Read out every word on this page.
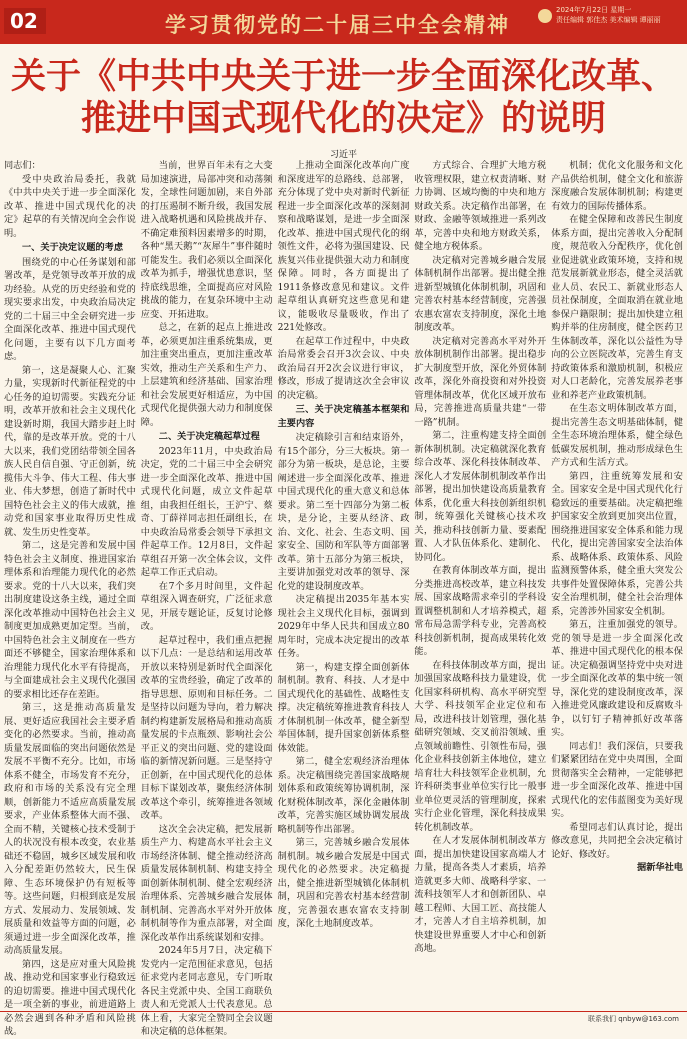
02	学习贯彻党的二十届三中全会精神
2024年7月22日 星期一
责任编辑 郭佳杰 美术编辑 谭丽丽
关于《中共中央关于进一步全面深化改革、
推进中国式现代化的决定》的说明
习近平

同志们：

受中央政治局委托，我就《中共中央关于进一步全面深化改革、推进中国式现代化的决定》起草的有关情况向全会作说明。

一、关于决定议题的考虑

围绕党的中心任务谋划和部署改革，是党领导改革开放的成功经验。从党的历史经验和党的现实要求出发，中央政治局决定党的二十届三中全会研究进一步全面深化改革、推进中国式现代化问题，主要有以下几方面考虑。

第一，这是凝聚人心、汇聚力量，实现新时代新征程党的中心任务的迫切需要。实践充分证明，改革开放和社会主义现代化建设新时期，我国大踏步赶上时代，靠的是改革开放。党的十八大以来，我们党团结带领全国各族人民自信自强、守正创新，统揽伟大斗争、伟大工程、伟大事业、伟大梦想，创造了新时代中国特色社会主义的伟大成就，推动党和国家事业取得历史性成就、发生历史性变革。

第二，这是完善和发展中国特色社会主义制度、推进国家治理体系和治理能力现代化的必然要求。党的十八大以来，我们突出制度建设这条主线，通过全面深化改革推动中国特色社会主义制度更加成熟更加定型。当前，中国特色社会主义制度在一些方面还不够健全，国家治理体系和治理能力现代化水平有待提高，与全面建成社会主义现代化强国的要求相比还存在差距。

第三，这是推动高质量发展、更好适应我国社会主要矛盾变化的必然要求。当前，推动高质量发展面临的突出问题依然是发展不平衡不充分。比如，市场体系不健全，市场发育不充分，政府和市场的关系没有完全理顺，创新能力不适应高质量发展要求，产业体系整体大而不强、全而不精，关键核心技术受制于人的状况没有根本改变，农业基础还不稳固，城乡区域发展和收入分配差距仍然较大，民生保障、生态环境保护仍有短板等等。这些问题，归根到底是发展方式、发展动力、发展领域、发展质量和效益等方面的问题，必须通过进一步全面深化改革，推动高质量发展。

第四，这是应对重大风险挑战、推动党和国家事业行稳致远的迫切需要。推进中国式现代化是一项全新的事业，前进道路上必然会遇到各种矛盾和风险挑战。

当前，世界百年未有之大变局加速演进，局部冲突和动荡频发，全球性问题加剧，来自外部的打压遏制不断升级，我国发展进入战略机遇和风险挑战并存、不确定难预料因素增多的时期，各种“黑天鹅”“灰犀牛”事件随时可能发生。我们必须以全面深化改革为抓手，增强忧患意识，坚持底线思维，全面提高应对风险挑战的能力，在复杂环境中主动应变、开拓进取。

总之，在新的起点上推进改革，必须更加注重系统集成，更加注重突出重点，更加注重改革实效，推动生产关系和生产力、上层建筑和经济基础、国家治理和社会发展更好相适应，为中国式现代化提供强大动力和制度保障。

二、关于决定稿起草过程

2023年11月，中央政治局决定，党的二十届三中全会研究进一步全面深化改革、推进中国式现代化问题，成立文件起草组，由我担任组长，王沪宁、蔡奇、丁薛祥同志担任副组长，在中央政治局常委会领导下承担文件起草工作。12月8日，文件起草组召开第一次全体会议，文件起草工作正式启动。

在7个多月时间里，文件起草组深入调查研究，广泛征求意见，开展专题论证，反复讨论修改。

起草过程中，我们重点把握以下几点：一是总结和运用改革开放以来特别是新时代全面深化改革的宝贵经验，确定了改革的指导思想、原则和目标任务。二是坚持以问题为导向，着力解决制约构建新发展格局和推动高质量发展的卡点瓶颈、影响社会公平正义的突出问题、党的建设面临的新情况新问题。三是坚持守正创新，在中国式现代化的总体目标下谋划改革，聚焦经济体制改革这个牵引，统筹推进各领域改革。

这次全会决定稿，把发展新质生产力、构建高水平社会主义市场经济体制、健全推动经济高质量发展体制机制、构建支持全面创新体制机制、健全宏观经济治理体系、完善城乡融合发展体制机制、完善高水平对外开放体制机制等作为重点部署，对全面深化改革作出系统谋划和安排。

2024年5月7日，决定稿下发党内一定范围征求意见，包括征求党内老同志意见，专门听取各民主党派中央、全国工商联负责人和无党派人士代表意见。总体上看，大家完全赞同全会议题和决定稿的总体框架。

上推动全面深化改革向广度和深度进军的总路线、总部署，充分体现了党中央对新时代新征程进一步全面深化改革的深刻洞察和战略谋划，是进一步全面深化改革、推进中国式现代化的纲领性文件，必将为强国建设、民族复兴伟业提供强大动力和制度保障。同时，各方面提出了1911条修改意见和建议。文件起草组认真研究这些意见和建议，能吸收尽量吸收，作出了221处修改。

在起草工作过程中，中央政治局常委会召开3次会议、中央政治局召开2次会议进行审议，修改，形成了提请这次全会审议的决定稿。

三、关于决定稿基本框架和主要内容

决定稿除引言和结束语外，有15个部分，分三大板块。第一部分为第一板块，是总论，主要阐述进一步全面深化改革、推进中国式现代化的重大意义和总体要求。第二至十四部分为第二板块，是分论，主要从经济、政治、文化、社会、生态文明、国家安全、国防和军队等方面部署改革。第十五部分为第三板块，主要讲加强党对改革的领导、深化党的建设制度改革。

决定稿提出2035年基本实现社会主义现代化目标，强调到2029年中华人民共和国成立80周年时，完成本决定提出的改革任务。

第一，构建支撑全面创新体制机制。教育、科技、人才是中国式现代化的基础性、战略性支撑。决定稿统筹推进教育科技人才体制机制一体改革，健全新型举国体制，提升国家创新体系整体效能。

第二，健全宏观经济治理体系。决定稿围绕完善国家战略规划体系和政策统筹协调机制，深化财税体制改革，深化金融体制改革，完善实施区域协调发展战略机制等作出部署。

第三，完善城乡融合发展体制机制。城乡融合发展是中国式现代化的必然要求。决定稿提出，健全推进新型城镇化体制机制，巩固和完善农村基本经营制度，完善强农惠农富农支持制度，深化土地制度改革。

方式综合、合理扩大地方税收管理权限，建立权责清晰、财力协调、区域均衡的中央和地方财政关系。决定稿作出部署，在财政、金融等领域推进一系列改革，完善中央和地方财政关系，健全地方税体系。

决定稿对完善城乡融合发展体制机制作出部署。提出健全推进新型城镇化体制机制，巩固和完善农村基本经营制度，完善强农惠农富农支持制度，深化土地制度改革。

决定稿对完善高水平对外开放体制机制作出部署。提出稳步扩大制度型开放，深化外贸体制改革，深化外商投资和对外投资管理体制改革，优化区域开放布局，完善推进高质量共建“一带一路”机制。

第二，注重构建支持全面创新体制机制。决定稿就深化教育综合改革、深化科技体制改革、深化人才发展体制机制改革作出部署，提出加快建设高质量教育体系，优化重大科技创新组织机制，统筹强化关键核心技术攻关，推动科技创新力量、要素配置、人才队伍体系化、建制化、协同化。

在教育体制改革方面，提出分类推进高校改革，建立科技发展、国家战略需求牵引的学科设置调整机制和人才培养模式，超常布局急需学科专业，完善高校科技创新机制，提高成果转化效能。

在科技体制改革方面，提出加强国家战略科技力量建设，优化国家科研机构、高水平研究型大学、科技领军企业定位和布局，改进科技计划管理，强化基础研究领域、交叉前沿领域、重点领域前瞻性、引领性布局，强化企业科技创新主体地位，建立培育壮大科技领军企业机制，允许科研类事业单位实行比一般事业单位更灵活的管理制度，探索实行企业化管理，深化科技成果转化机制改革。

在人才发展体制机制改革方面，提出加快建设国家高端人才力量，提高各类人才素质，培养造就更多大师、战略科学家、一流科技领军人才和创新团队、卓越工程师、大国工匠、高技能人才，完善人才自主培养机制，加快建设世界重要人才中心和创新高地。

机制；优化文化服务和文化产品供给机制，健全文化和旅游深度融合发展体制机制；构建更有效力的国际传播体系。

在健全保障和改善民生制度体系方面，提出完善收入分配制度，规范收入分配秩序，优化创业促进就业政策环境，支持和规范发展新就业形态，健全灵活就业人员、农民工、新就业形态人员社保制度，全面取消在就业地参保户籍限制；提出加快建立租购并举的住房制度，健全医药卫生体制改革，深化以公益性为导向的公立医院改革，完善生育支持政策体系和激励机制，积极应对人口老龄化，完善发展养老事业和养老产业政策机制。

在生态文明体制改革方面，提出完善生态文明基础体制，健全生态环境治理体系，健全绿色低碳发展机制，推动形成绿色生产方式和生活方式。

第四，注重统筹发展和安全。国家安全是中国式现代化行稳致远的重要基础。决定稿把维护国家安全放到更加突出位置，围绕推进国家安全体系和能力现代化，提出完善国家安全法治体系、战略体系、政策体系、风险监测预警体系，健全重大突发公共事件处置保障体系，完善公共安全治理机制，健全社会治理体系，完善涉外国家安全机制。

第五，注重加强党的领导。党的领导是进一步全面深化改革、推进中国式现代化的根本保证。决定稿强调坚持党中央对进一步全面深化改革的集中统一领导，深化党的建设制度改革，深入推进党风廉政建设和反腐败斗争，以钉钉子精神抓好改革落实。

同志们！我们深信，只要我们紧紧团结在党中央周围，全面贯彻落实全会精神，一定能够把进一步全面深化改革、推进中国式现代化的宏伟蓝图变为美好现实。

希望同志们认真讨论，提出修改意见，共同把全会决定稿讨论好、修改好。

据新华社电

联系我们 qnbyw@163.com
